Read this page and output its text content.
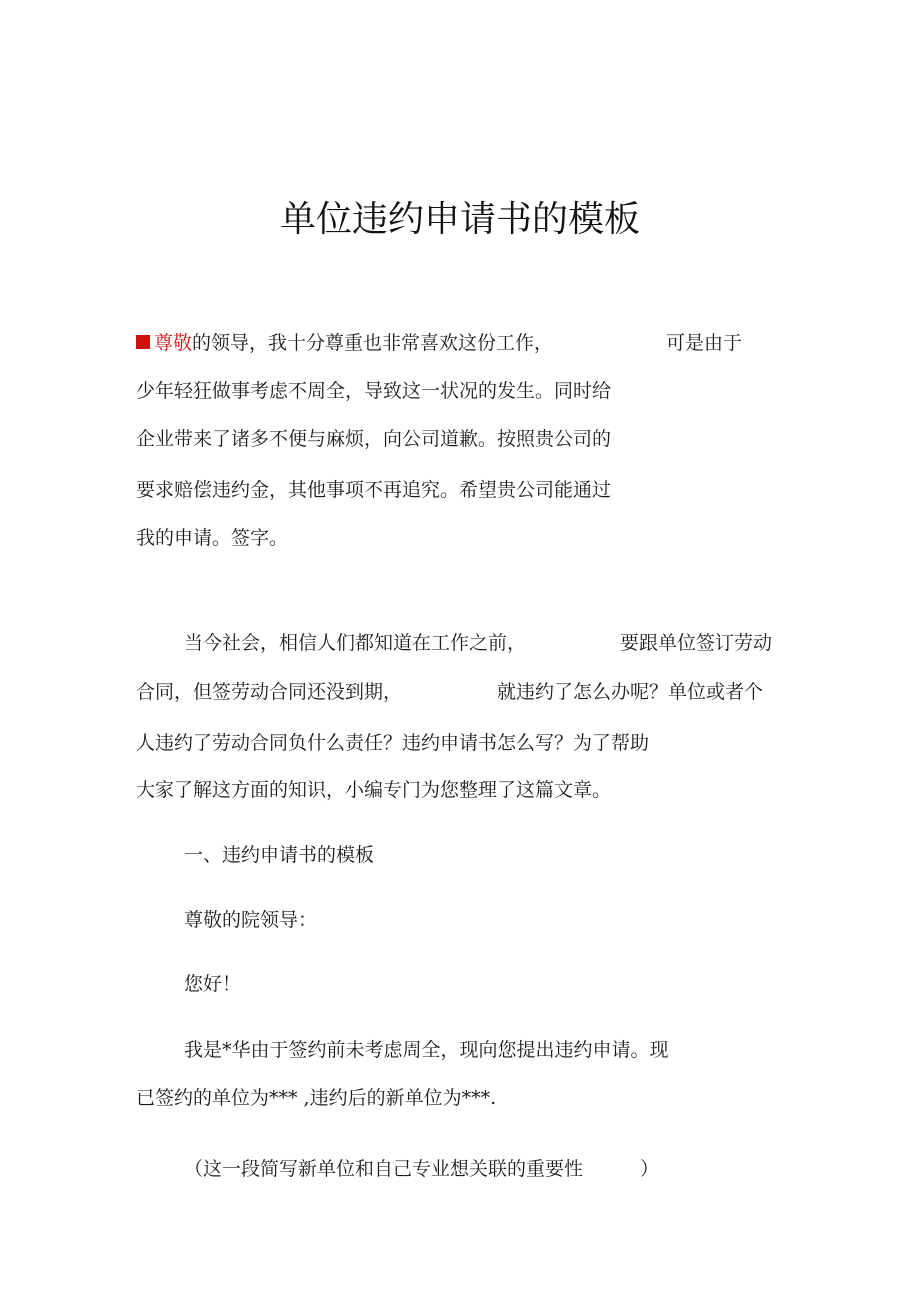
单位违约申请书的模板
尊敬的领导，我十分尊重也非常喜欢这份工作，	可是由于
少年轻狂做事考虑不周全，导致这一状况的发生。同时给
企业带来了诸多不便与麻烦，向公司道歉。按照贵公司的
要求赔偿违约金，其他事项不再追究。希望贵公司能通过
我的申请。签字。
当今社会，相信人们都知道在工作之前，	要跟单位签订劳动
合同，但签劳动合同还没到期，	就违约了怎么办呢？单位或者个
人违约了劳动合同负什么责任？违约申请书怎么写？为了帮助
大家了解这方面的知识，小编专门为您整理了这篇文章。
一、违约申请书的模板
尊敬的院领导：
您好！
我是*华由于签约前未考虑周全，现向您提出违约申请。现
已签约的单位为*** ,违约后的新单位为***.
（这一段简写新单位和自己专业想关联的重要性	）
